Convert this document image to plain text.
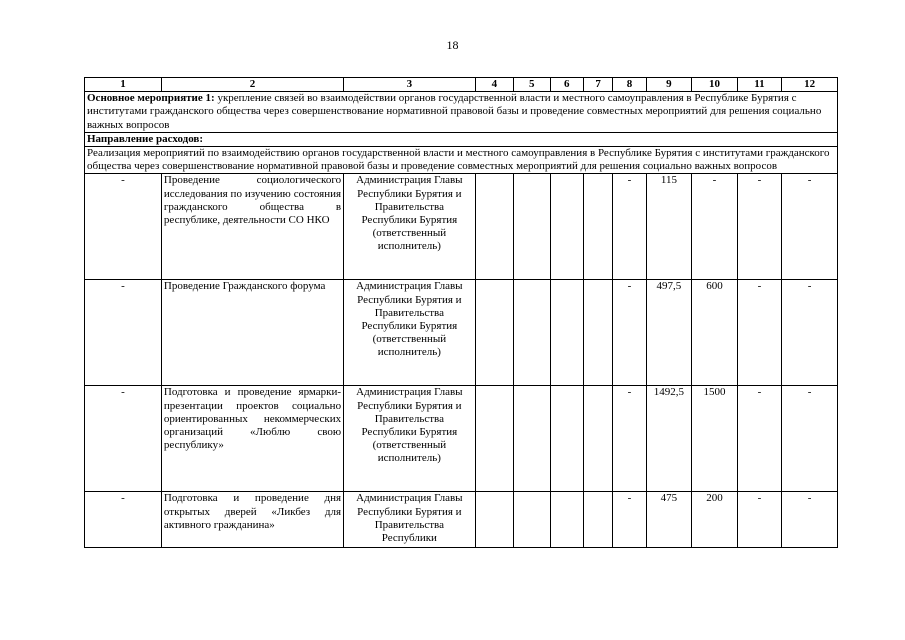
18
1	2	3	4	5	6	7	8	9	10	11	12
Основное мероприятие 1: укрепление связей во взаимодействии органов государственной власти и местного самоуправления в Республике Бурятия с институтами гражданского общества через совершенствование нормативной правовой базы и проведение совместных мероприятий для решения социально важных вопросов											
Направление расходов:											
Реализация мероприятий по взаимодействию органов государственной власти и местного самоуправления в Республике Бурятия с институтами гражданского общества через совершенствование нормативной правовой базы и проведение совместных мероприятий для решения социально важных вопросов											
-	Проведение социологического исследования по изучению состояния гражданского общества в республике, деятельности СО НКО	Администрация Главы Республики Бурятия и Правительства Республики Бурятия (ответственный исполнитель)					-	115	-	-	-
-	Проведение Гражданского форума	Администрация Главы Республики Бурятия и Правительства Республики Бурятия (ответственный исполнитель)					-	497,5	600	-	-
-	Подготовка и проведение ярмарки-презентации проектов социально ориентированных некоммерческих организаций «Люблю свою республику»	Администрация Главы Республики Бурятия и Правительства Республики Бурятия (ответственный исполнитель)					-	1492,5	1500	-	-
-	Подготовка и проведение дня открытых дверей «Ликбез для активного гражданина»	Администрация Главы Республики Бурятия и Правительства Республики					-	475	200	-	-
